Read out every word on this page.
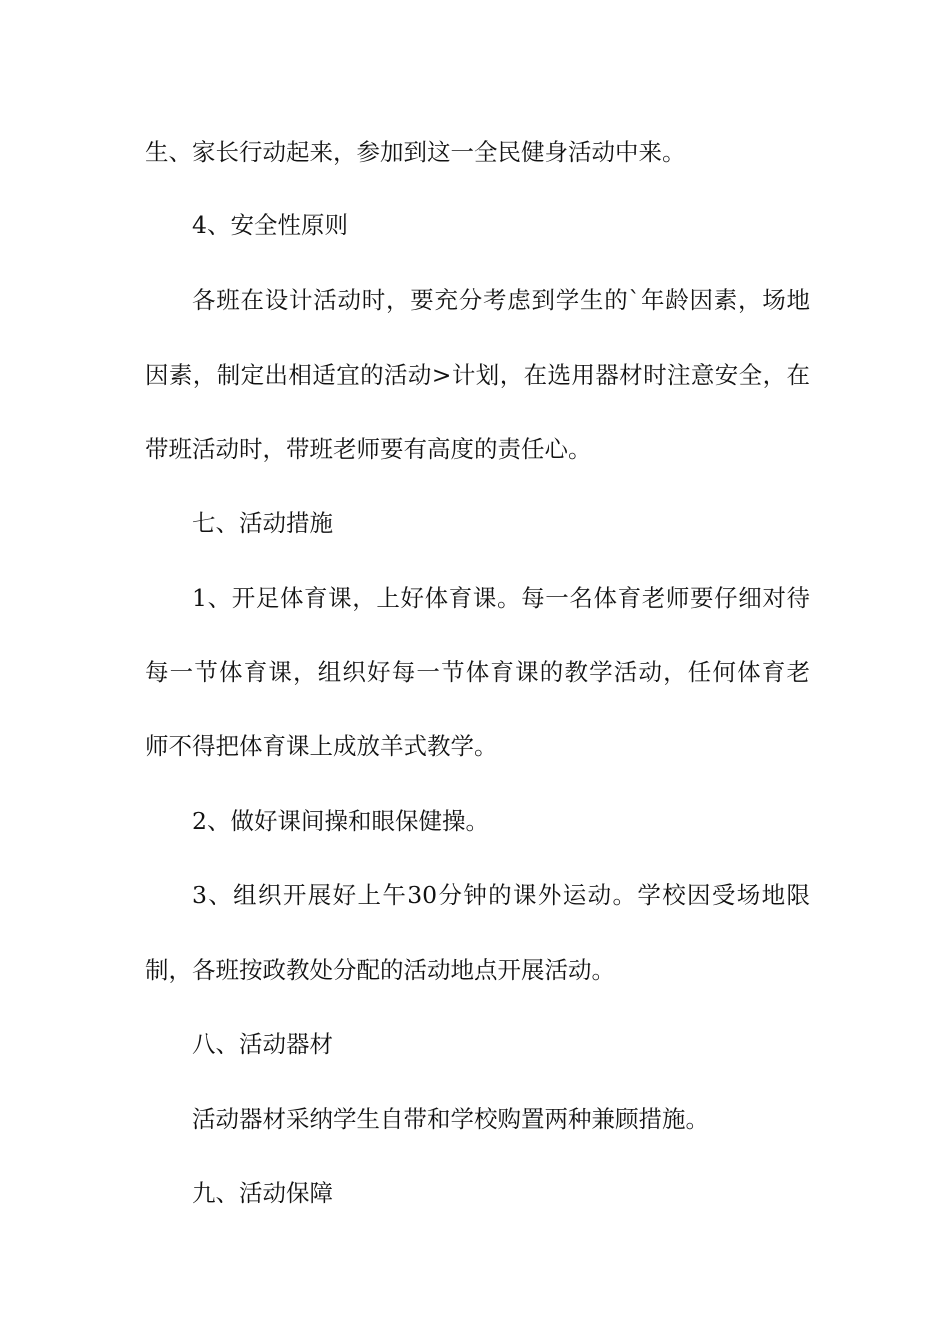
生、家长行动起来，参加到这一全民健身活动中来。
4、安全性原则
各班在设计活动时，要充分考虑到学生的`年龄因素，场地
因素，制定出相适宜的活动>计划，在选用器材时注意安全，在
带班活动时，带班老师要有高度的责任心。
七、活动措施
1、开足体育课，上好体育课。每一名体育老师要仔细对待
每一节体育课，组织好每一节体育课的教学活动，任何体育老
师不得把体育课上成放羊式教学。
2、做好课间操和眼保健操。
3、组织开展好上午30分钟的课外运动。学校因受场地限
制，各班按政教处分配的活动地点开展活动。
八、活动器材
活动器材采纳学生自带和学校购置两种兼顾措施。
九、活动保障
